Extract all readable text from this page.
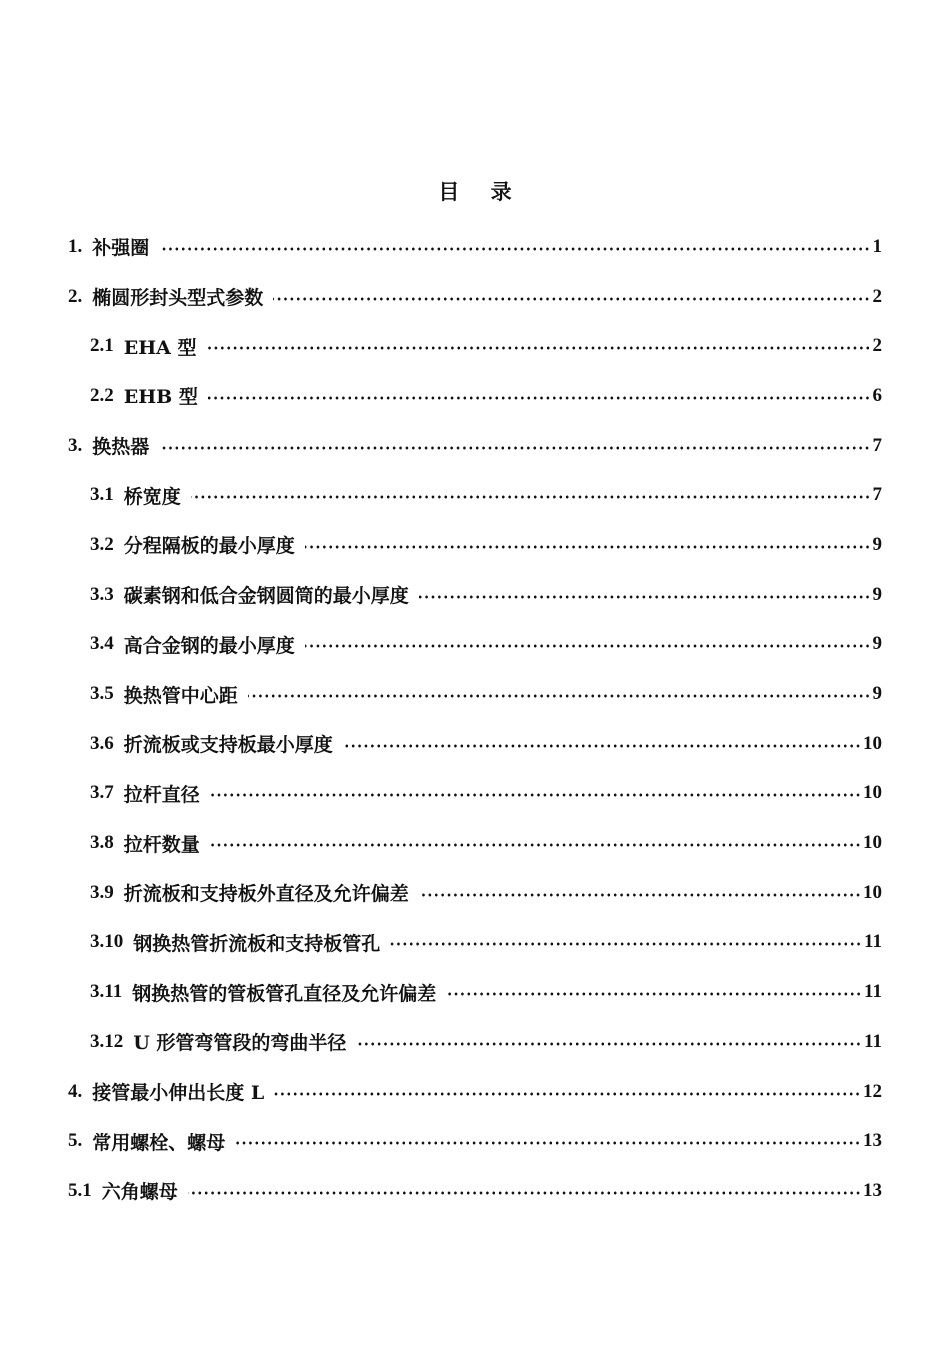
目 录
1. 补强圈	1
2. 椭圆形封头型式参数	2
2.1 EHA 型	2
2.2 EHB 型	6
3. 换热器	7
3.1 桥宽度	7
3.2 分程隔板的最小厚度	9
3.3 碳素钢和低合金钢圆筒的最小厚度	9
3.4 高合金钢的最小厚度	9
3.5 换热管中心距	9
3.6 折流板或支持板最小厚度	10
3.7 拉杆直径	10
3.8 拉杆数量	10
3.9 折流板和支持板外直径及允许偏差	10
3.10 钢换热管折流板和支持板管孔	11
3.11 钢换热管的管板管孔直径及允许偏差	11
3.12 U 形管弯管段的弯曲半径	11
4. 接管最小伸出长度 L	12
5. 常用螺栓、螺母	13
5.1 六角螺母	13
